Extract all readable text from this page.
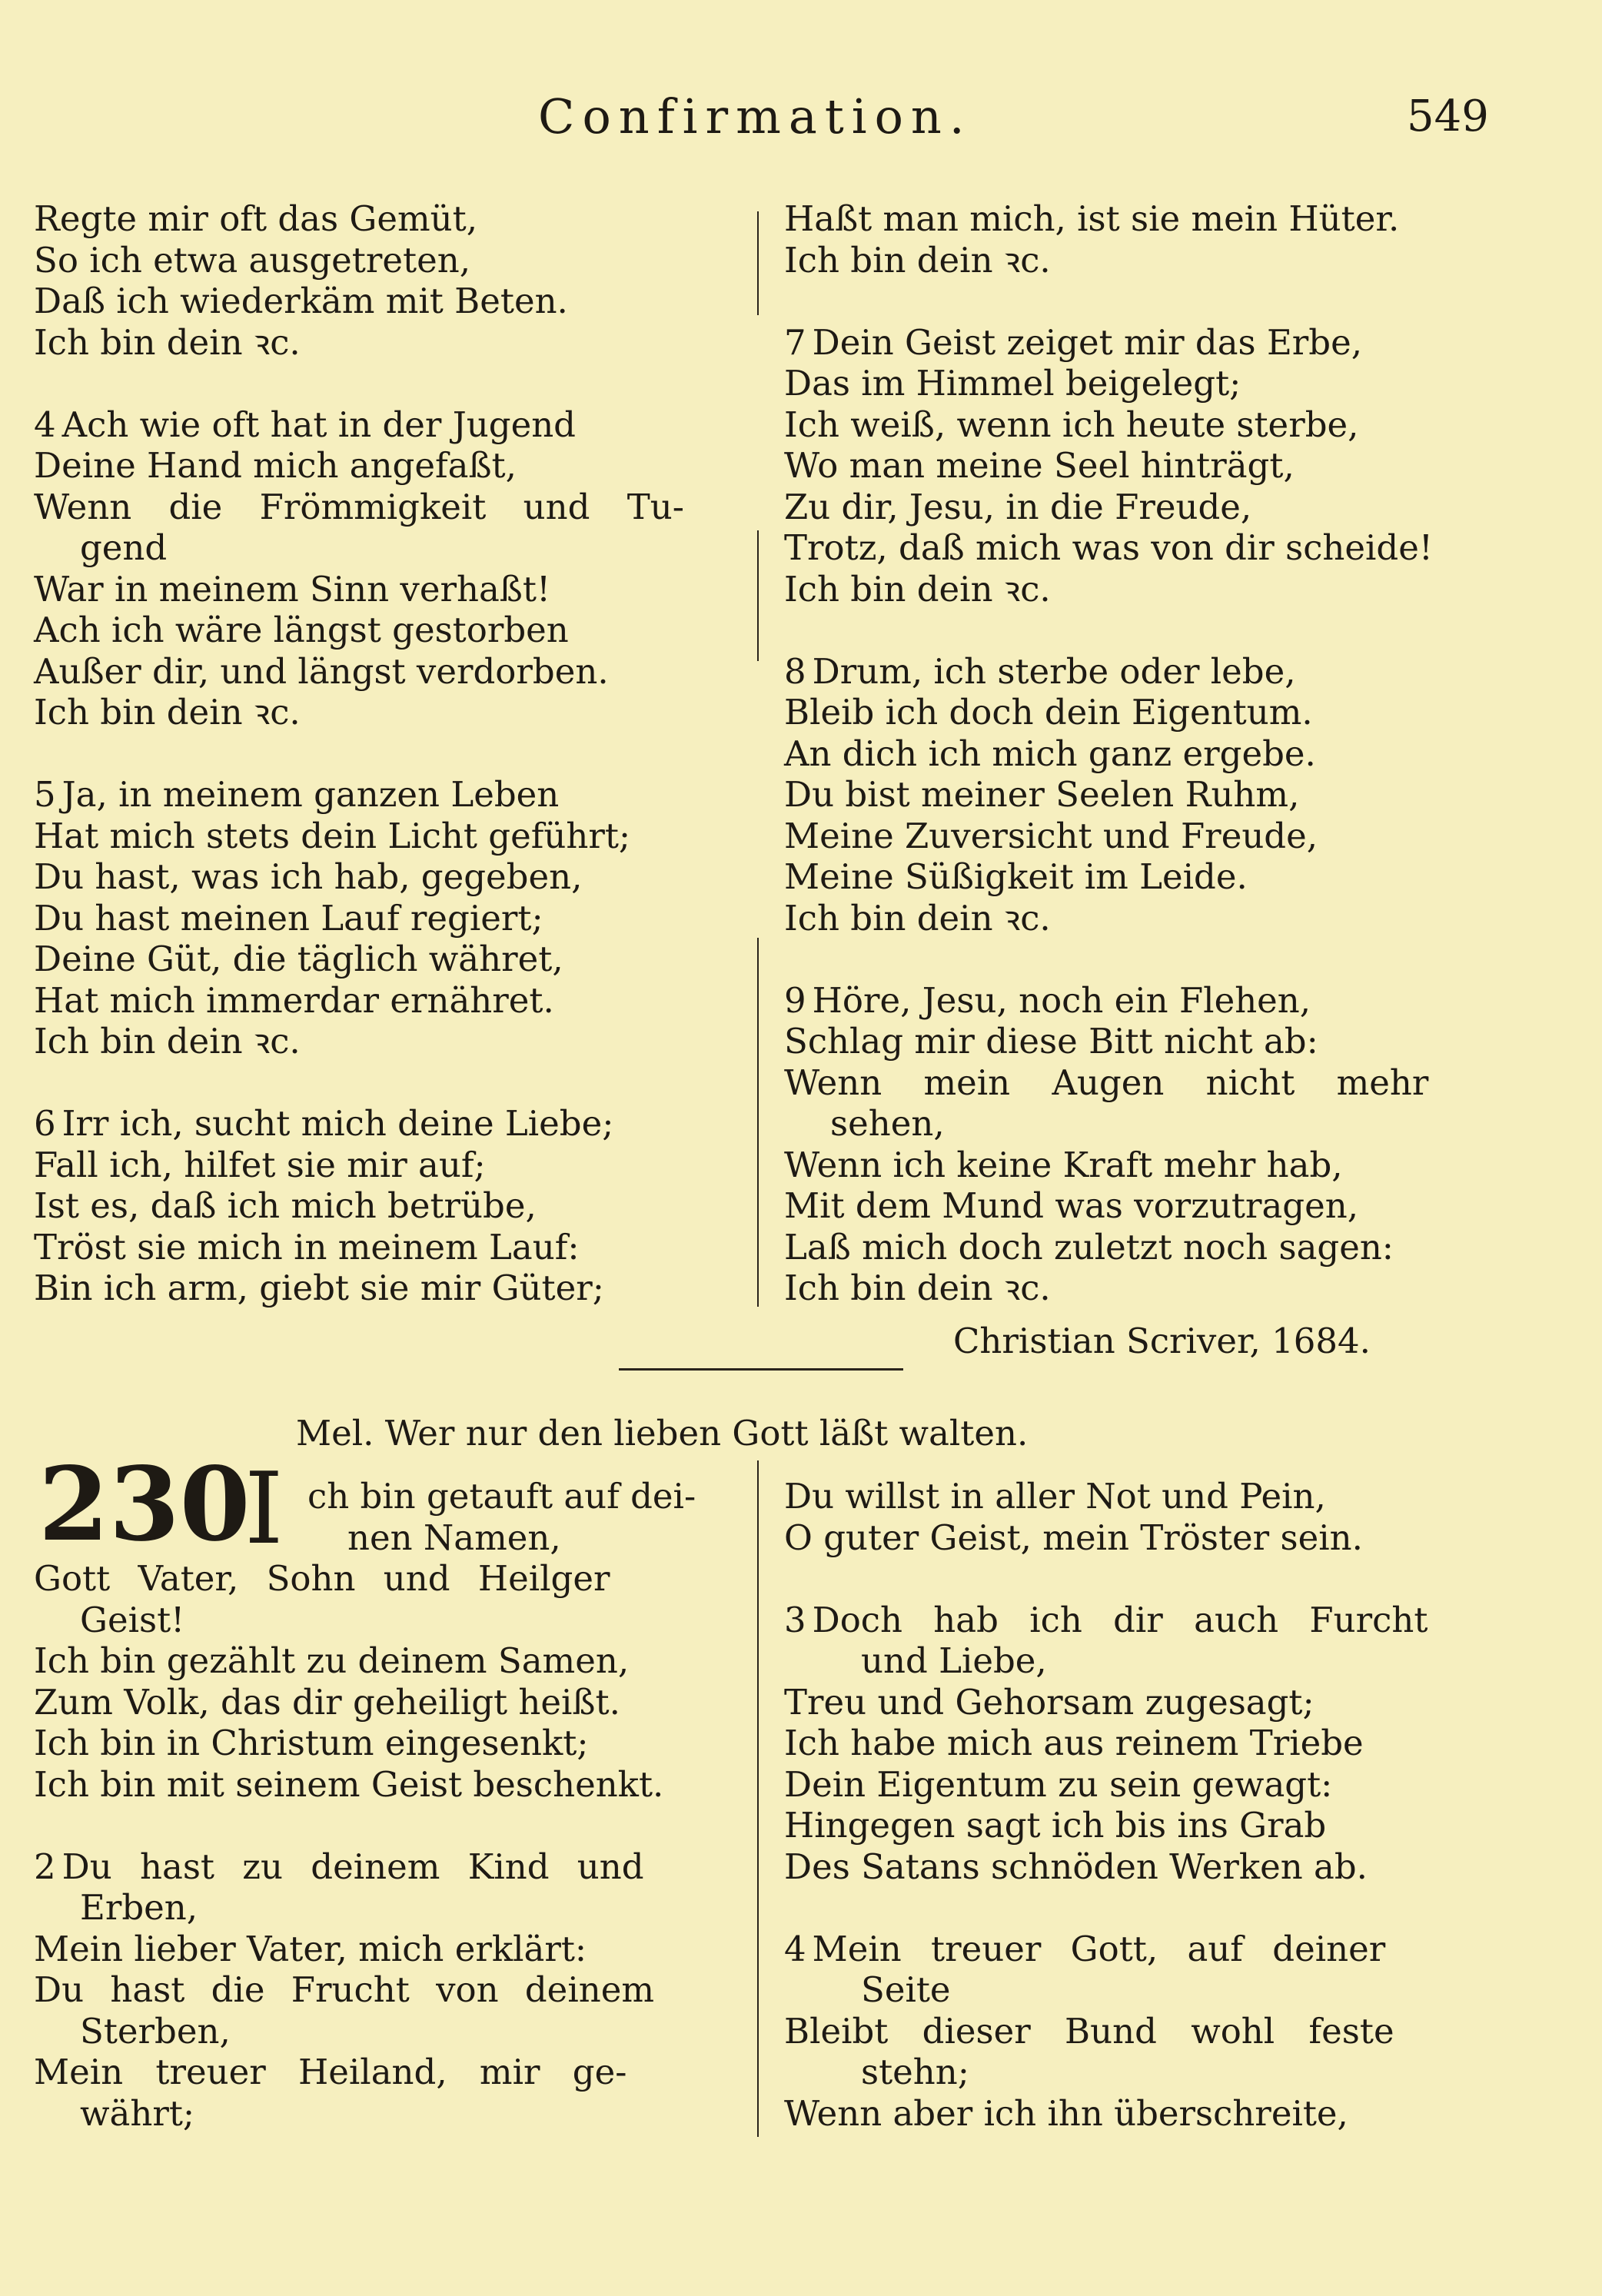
Confirmation.	549
Regte mir oft das Gemüt,
So ich etwa ausgetreten,
Daß ich wiederkäm mit Beten.
Ich bin dein ꝛc.
4 Ach wie oft hat in der Jugend
Deine Hand mich angefaßt,
Wenn die Frömmigkeit und Tu-
gend
War in meinem Sinn verhaßt!
Ach ich wäre längst gestorben
Außer dir, und längst verdorben.
Ich bin dein ꝛc.
5 Ja, in meinem ganzen Leben
Hat mich stets dein Licht geführt;
Du hast, was ich hab, gegeben,
Du hast meinen Lauf regiert;
Deine Güt, die täglich währet,
Hat mich immerdar ernähret.
Ich bin dein ꝛc.
6 Irr ich, sucht mich deine Liebe;
Fall ich, hilfet sie mir auf;
Ist es, daß ich mich betrübe,
Tröst sie mich in meinem Lauf:
Bin ich arm, giebt sie mir Güter;
Haßt man mich, ist sie mein Hüter.
Ich bin dein ꝛc.
7 Dein Geist zeiget mir das Erbe,
Das im Himmel beigelegt;
Ich weiß, wenn ich heute sterbe,
Wo man meine Seel hinträgt,
Zu dir, Jesu, in die Freude,
Trotz, daß mich was von dir scheide!
Ich bin dein ꝛc.
8 Drum, ich sterbe oder lebe,
Bleib ich doch dein Eigentum.
An dich ich mich ganz ergebe.
Du bist meiner Seelen Ruhm,
Meine Zuversicht und Freude,
Meine Süßigkeit im Leide.
Ich bin dein ꝛc.
9 Höre, Jesu, noch ein Flehen,
Schlag mir diese Bitt nicht ab:
Wenn mein Augen nicht mehr
sehen,
Wenn ich keine Kraft mehr hab,
Mit dem Mund was vorzutragen,
Laß mich doch zuletzt noch sagen:
Ich bin dein ꝛc.
Christian Scriver, 1684.
Mel. Wer nur den lieben Gott läßt walten.
230
I ch bin getauft auf dei-
nen Namen,
Gott Vater, Sohn und Heilger
Geist!
Ich bin gezählt zu deinem Samen,
Zum Volk, das dir geheiligt heißt.
Ich bin in Christum eingesenkt;
Ich bin mit seinem Geist beschenkt.
2 Du hast zu deinem Kind und
Erben,
Mein lieber Vater, mich erklärt:
Du hast die Frucht von deinem
Sterben,
Mein treuer Heiland, mir ge-
währt;
Du willst in aller Not und Pein,
O guter Geist, mein Tröster sein.
3 Doch hab ich dir auch Furcht
und Liebe,
Treu und Gehorsam zugesagt;
Ich habe mich aus reinem Triebe
Dein Eigentum zu sein gewagt:
Hingegen sagt ich bis ins Grab
Des Satans schnöden Werken ab.
4 Mein treuer Gott, auf deiner
Seite
Bleibt dieser Bund wohl feste
stehn;
Wenn aber ich ihn überschreite,
